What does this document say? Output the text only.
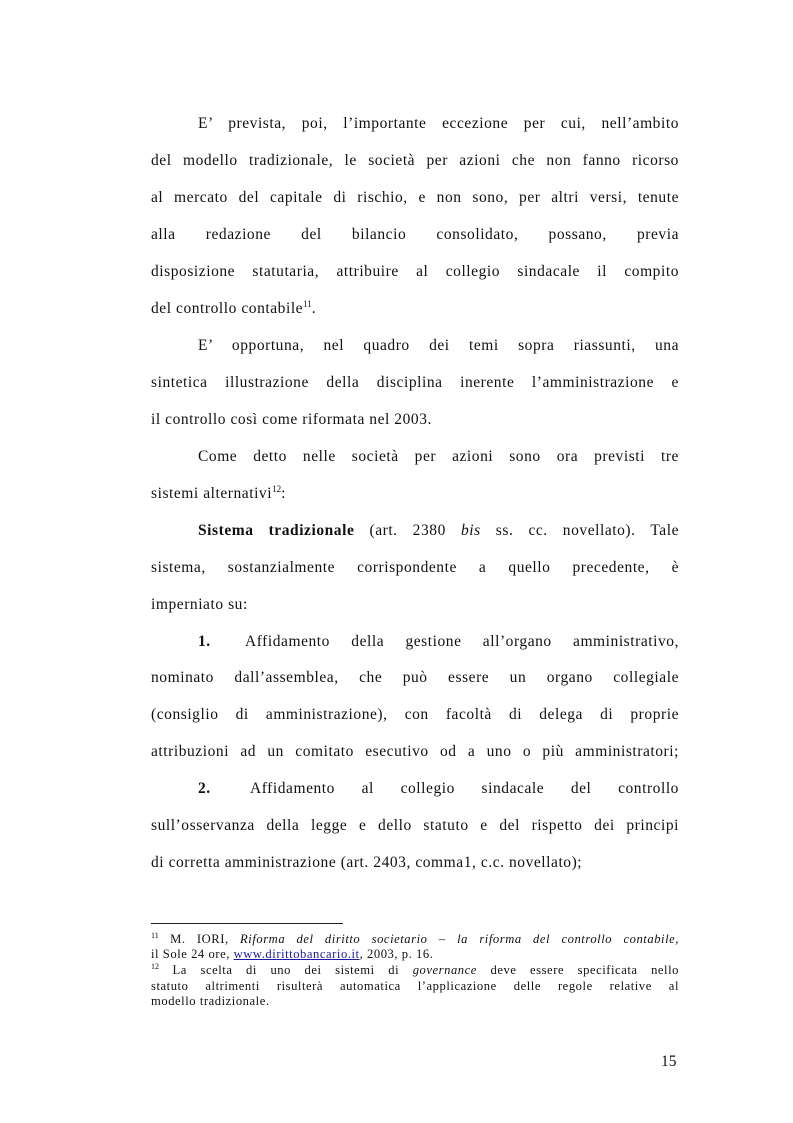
E’ prevista, poi, l’importante eccezione per cui, nell’ambito
del modello tradizionale, le società per azioni che non fanno ricorso
al mercato del capitale di rischio, e non sono, per altri versi, tenute
alla redazione del bilancio consolidato, possano, previa
disposizione statutaria, attribuire al collegio sindacale il compito
del controllo contabile$^{11}$.
E’ opportuna, nel quadro dei temi sopra riassunti, una
sintetica illustrazione della disciplina inerente l’amministrazione e
il controllo così come riformata nel 2003.
Come detto nelle società per azioni sono ora previsti tre
sistemi alternativi$^{12}$:
Sistema tradizionale (art. 2380 bis ss. cc. novellato). Tale
sistema, sostanzialmente corrispondente a quello precedente, è
imperniato su:
1. Affidamento della gestione all’organo amministrativo,
nominato dall’assemblea, che può essere un organo collegiale
(consiglio di amministrazione), con facoltà di delega di proprie
attribuzioni ad un comitato esecutivo od a uno o più amministratori;
2.	Affidamento al collegio sindacale del controllo
sull’osservanza della legge e dello statuto e del rispetto dei principi
di corretta amministrazione (art. 2403, comma1, c.c. novellato);
$^{11}$ M. IORI, Riforma del diritto societario – la riforma del controllo contabile,
il Sole 24 ore, www.dirittobancario.it, 2003, p. 16.
$^{12}$ La scelta di uno dei sistemi di governance deve essere specificata nello
statuto altrimenti risulterà automatica l’applicazione delle regole relative al
modello tradizionale.
15
